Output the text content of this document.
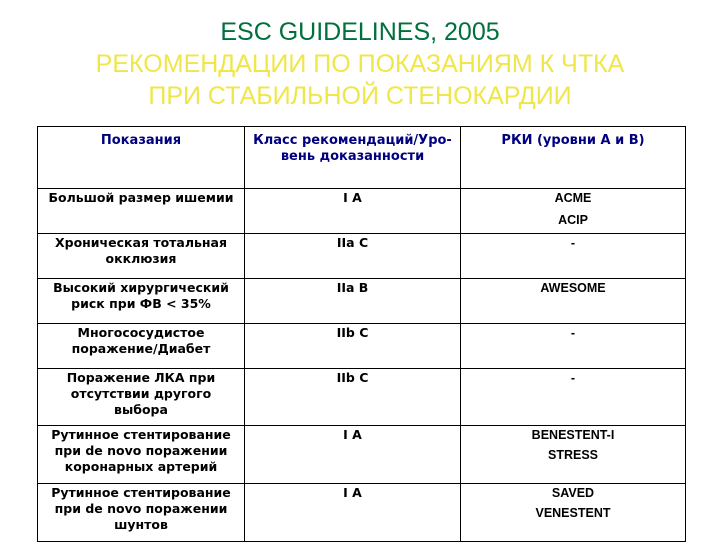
ESC GUIDELINES, 2005
РЕКОМЕНДАЦИИ ПО ПОКАЗАНИЯМ К ЧТКА
ПРИ СТАБИЛЬНОЙ СТЕНОКАРДИИ
Показания	Класс рекомендаций/Уро-вень доказанности	РКИ (уровни А и В)
Большой размер ишемии	I A	ACME
ACIP

Хроническая тотальная окклюзия	IIa C	-

Высокий хирургический риск при ФВ < 35%	IIa B	AWESOME

Многососудистое поражение/Диабет	IIb C	-

Поражение ЛКА при отсутствии другого выбора	IIb C	-

Рутинное стентирование при de novo поражении коронарных артерий	I A	BENESTENT-I
STRESS

Рутинное стентирование при de novo поражении шунтов	I A	SAVED
VENESTENT
